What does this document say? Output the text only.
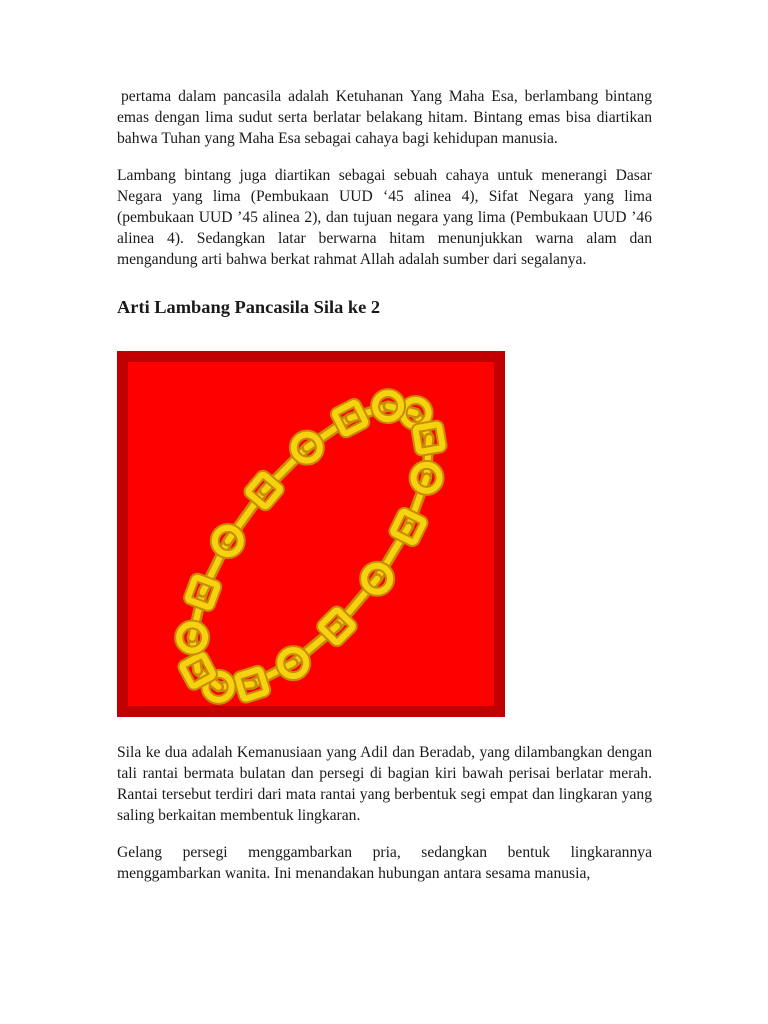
pertama dalam pancasila adalah Ketuhanan Yang Maha Esa, berlambang bintang emas dengan lima sudut serta berlatar belakang hitam. Bintang emas bisa diartikan bahwa Tuhan yang Maha Esa sebagai cahaya bagi kehidupan manusia.

Lambang bintang juga diartikan sebagai sebuah cahaya untuk menerangi Dasar Negara yang lima (Pembukaan UUD ‘45 alinea 4), Sifat Negara yang lima (pembukaan UUD ’45 alinea 2), dan tujuan negara yang lima (Pembukaan UUD ’46 alinea 4). Sedangkan latar berwarna hitam menunjukkan warna alam dan mengandung arti bahwa berkat rahmat Allah adalah sumber dari segalanya.

Arti Lambang Pancasila Sila ke 2

Sila ke dua adalah Kemanusiaan yang Adil dan Beradab, yang dilambangkan dengan tali rantai bermata bulatan dan persegi di bagian kiri bawah perisai berlatar merah. Rantai tersebut terdiri dari mata rantai yang berbentuk segi empat dan lingkaran yang saling berkaitan membentuk lingkaran.

Gelang persegi menggambarkan pria, sedangkan bentuk lingkarannya menggambarkan wanita. Ini menandakan hubungan antara sesama manusia,
